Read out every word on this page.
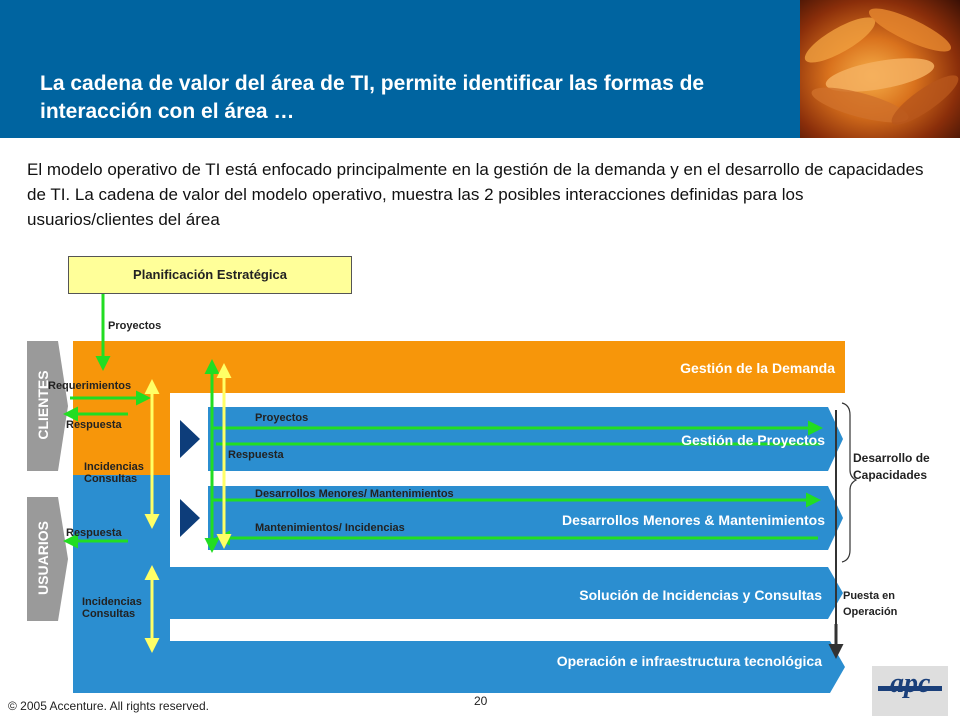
La cadena de valor del área de TI, permite identificar las formas de interacción con el área …
El modelo operativo de TI está enfocado principalmente en la gestión de la demanda y en el desarrollo de capacidades de TI. La cadena de valor del modelo operativo, muestra las 2 posibles interacciones definidas para los usuarios/clientes del área
Planificación Estratégica
CLIENTES
USUARIOS
Gestión de la Demanda
Gestión de Proyectos
Desarrollos Menores & Mantenimientos
Solución de Incidencias y Consultas
Operación e infraestructura tecnológica
Proyectos
Requerimientos
Respuesta
Incidencias Consultas
Respuesta
Incidencias Consultas
Proyectos
Respuesta
Desarrollos Menores/ Mantenimientos
Mantenimientos/ Incidencias
Desarrollo de Capacidades
Puesta en Operación
© 2005 Accenture. All rights reserved.	20
apc
